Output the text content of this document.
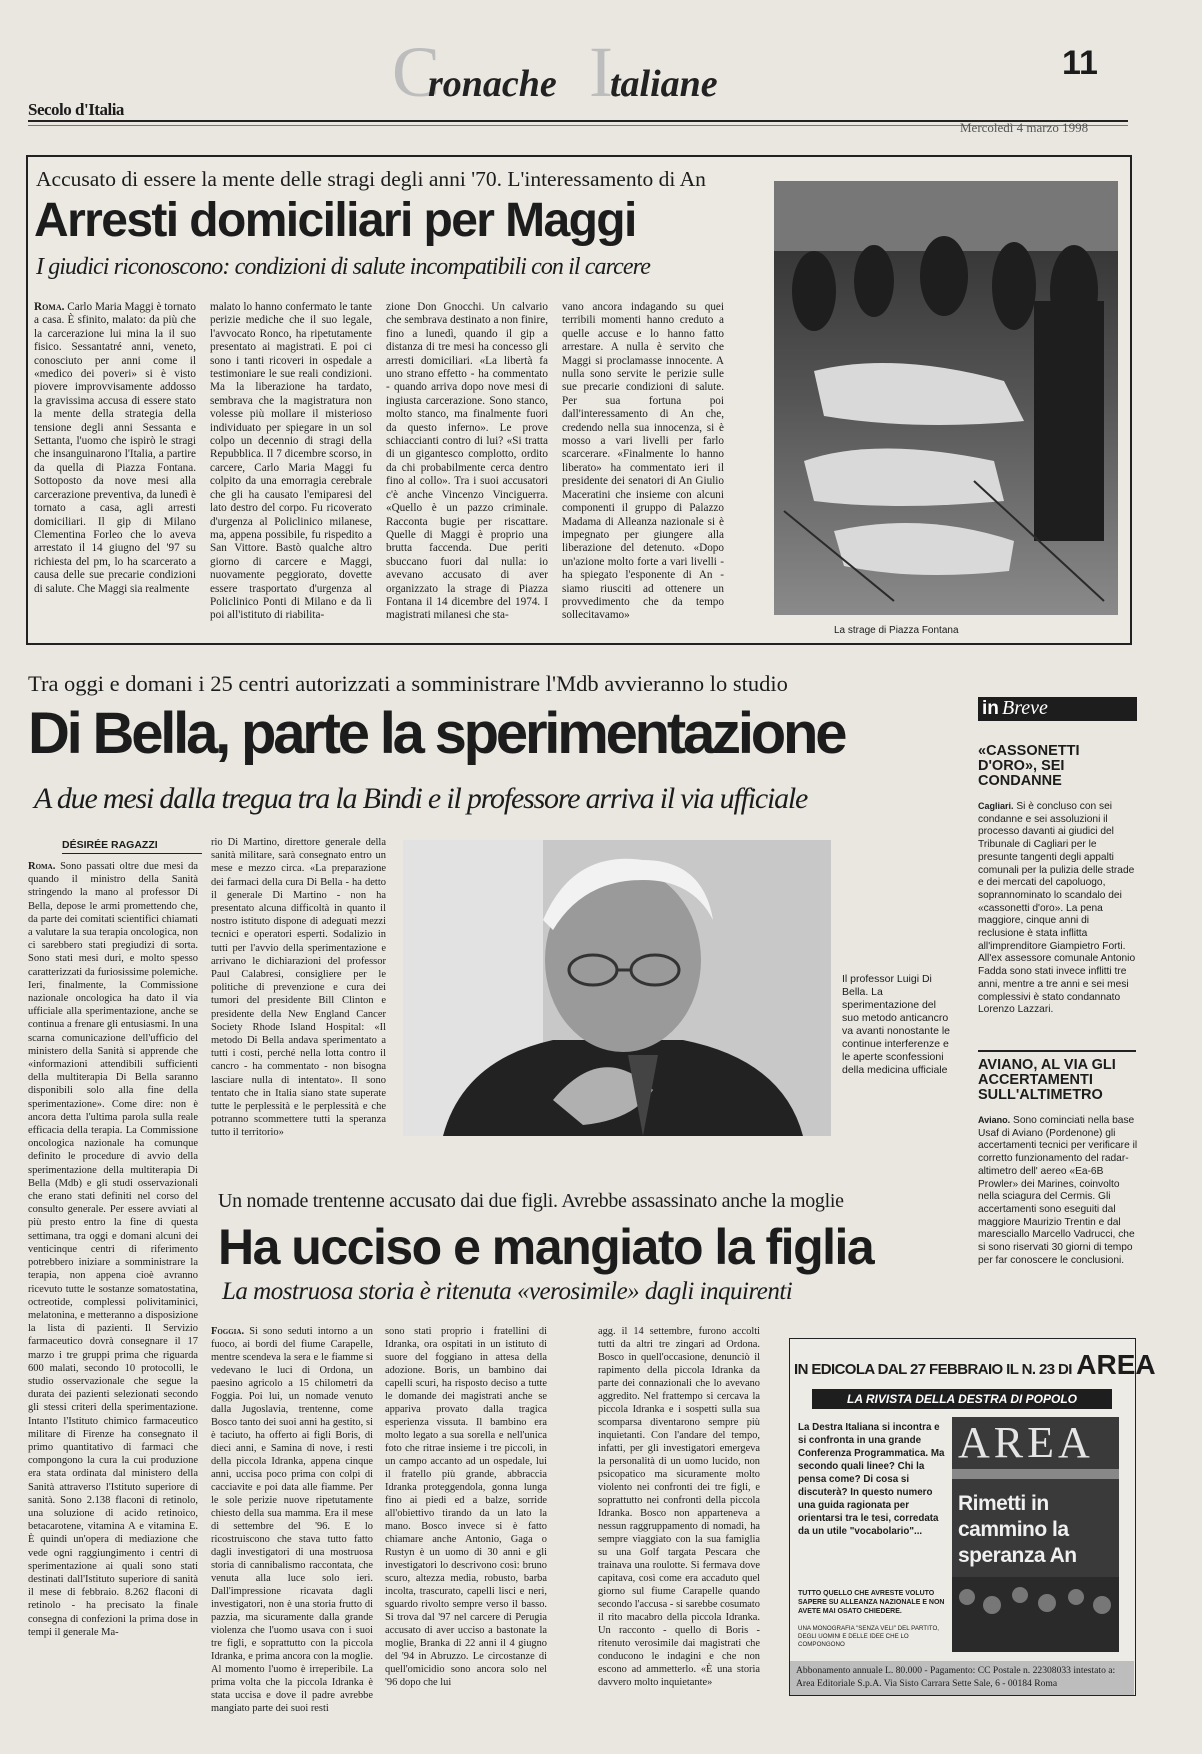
C
ronache I
taliane	11
Secolo d'Italia
Mercoledì 4 marzo 1998
Accusato di essere la mente delle stragi degli anni '70. L'interessamento di An
Arresti domiciliari per Maggi
I giudici riconoscono: condizioni di salute incompatibili con il carcere
Roma. Carlo Maria Maggi è tornato a casa. È sfinito, malato: da più che la carcerazione lui mina la il suo fisico. Sessantatré anni, veneto, conosciuto per anni come il «medico dei poveri» si è visto piovere improvvisamente addosso la gravissima accusa di essere stato la mente della strategia della tensione degli anni Sessanta e Settanta, l'uomo che ispirò le stragi che insanguinarono l'Italia, a partire da quella di Piazza Fontana. Sottoposto da nove mesi alla carcerazione preventiva, da lunedì è tornato a casa, agli arresti domiciliari. Il gip di Milano Clementina Forleo che lo aveva arrestato il 14 giugno del '97 su richiesta del pm, lo ha scarcerato a causa delle sue precarie condizioni di salute. Che Maggi sia realmente
malato lo hanno confermato le tante perizie mediche che il suo legale, l'avvocato Ronco, ha ripetutamente presentato ai magistrati. E poi ci sono i tanti ricoveri in ospedale a testimoniare le sue reali condizioni. Ma la liberazione ha tardato, sembrava che la magistratura non volesse più mollare il misterioso individuato per spiegare in un sol colpo un decennio di stragi della Repubblica. Il 7 dicembre scorso, in carcere, Carlo Maria Maggi fu colpito da una emorragia cerebrale che gli ha causato l'emiparesi del lato destro del corpo. Fu ricoverato d'urgenza al Policlinico milanese, ma, appena possibile, fu rispedito a San Vittore. Bastò qualche altro giorno di carcere e Maggi, nuovamente peggiorato, dovette essere trasportato d'urgenza al Policlinico Ponti di Milano e da lì poi all'istituto di riabilita-
zione Don Gnocchi. Un calvario che sembrava destinato a non finire, fino a lunedì, quando il gip a distanza di tre mesi ha concesso gli arresti domiciliari. «La libertà fa uno strano effetto - ha commentato - quando arriva dopo nove mesi di ingiusta carcerazione. Sono stanco, molto stanco, ma finalmente fuori da questo inferno». Le prove schiaccianti contro di lui? «Si tratta di un gigantesco complotto, ordito da chi probabilmente cerca dentro fino al collo». Tra i suoi accusatori c'è anche Vincenzo Vinciguerra. «Quello è un pazzo criminale. Racconta bugie per riscattare. Quelle di Maggi è proprio una brutta faccenda. Due periti sbuccano fuori dal nulla: io avevano accusato di aver organizzato la strage di Piazza Fontana il 14 dicembre del 1974. I magistrati milanesi che sta-
vano ancora indagando su quei terribili momenti hanno creduto a quelle accuse e lo hanno fatto arrestare. A nulla è servito che Maggi si proclamasse innocente. A nulla sono servite le perizie sulle sue precarie condizioni di salute. Per sua fortuna poi dall'interessamento di An che, credendo nella sua innocenza, si è mosso a vari livelli per farlo scarcerare. «Finalmente lo hanno liberato» ha commentato ieri il presidente dei senatori di An Giulio Maceratini che insieme con alcuni componenti il gruppo di Palazzo Madama di Alleanza nazionale si è impegnato per giungere alla liberazione del detenuto. «Dopo un'azione molto forte a vari livelli - ha spiegato l'esponente di An - siamo riusciti ad ottenere un provvedimento che da tempo sollecitavamo»
La strage di Piazza Fontana
Tra oggi e domani i 25 centri autorizzati a somministrare l'Mdb avvieranno lo studio
Di Bella, parte la sperimentazione
A due mesi dalla tregua tra la Bindi e il professore arriva il via ufficiale
DÉSIRÉE RAGAZZI
Roma. Sono passati oltre due mesi da quando il ministro della Sanità stringendo la mano al professor Di Bella, depose le armi promettendo che, da parte dei comitati scientifici chiamati a valutare la sua terapia oncologica, non ci sarebbero stati pregiudizi di sorta. Sono stati mesi duri, e molto spesso caratterizzati da furiosissime polemiche. Ieri, finalmente, la Commissione nazionale oncologica ha dato il via ufficiale alla sperimentazione, anche se continua a frenare gli entusiasmi. In una scarna comunicazione dell'ufficio del ministero della Sanità si apprende che «informazioni attendibili sufficienti della multiterapia Di Bella saranno disponibili solo alla fine della sperimentazione». Come dire: non è ancora detta l'ultima parola sulla reale efficacia della terapia. La Commissione oncologica nazionale ha comunque definito le procedure di avvio della sperimentazione della multiterapia Di Bella (Mdb) e gli studi osservazionali che erano stati definiti nel corso del consulto generale. Per essere avviati al più presto entro la fine di questa settimana, tra oggi e domani alcuni dei venticinque centri di riferimento potrebbero iniziare a somministrare la terapia, non appena cioè avranno ricevuto tutte le sostanze somatostatina, octreotide, complessi polivitaminici, melatonina, e metteranno a disposizione la lista di pazienti. Il Servizio farmaceutico dovrà consegnare il 17 marzo i tre gruppi prima che riguarda 600 malati, secondo 10 protocolli, le studio osservazionale che segue la durata dei pazienti selezionati secondo gli stessi criteri della sperimentazione. Intanto l'Istituto chimico farmaceutico militare di Firenze ha consegnato il primo quantitativo di farmaci che compongono la cura la cui produzione era stata ordinata dal ministero della Sanità attraverso l'Istituto superiore di sanità. Sono 2.138 flaconi di retinolo, una soluzione di acido retinoico, betacarotene, vitamina A e vitamina E. È quindi un'opera di mediazione che vede ogni raggiungimento i centri di sperimentazione ai quali sono stati destinati dall'Istituto superiore di sanità il mese di febbraio. 8.262 flaconi di retinolo - ha precisato la finale consegna di confezioni la prima dose in tempi il generale Ma-
rio Di Martino, direttore generale della sanità militare, sarà consegnato entro un mese e mezzo circa. «La preparazione dei farmaci della cura Di Bella - ha detto il generale Di Martino - non ha presentato alcuna difficoltà in quanto il nostro istituto dispone di adeguati mezzi tecnici e operatori esperti. Sodalizio in tutti per l'avvio della sperimentazione e arrivano le dichiarazioni del professor Paul Calabresi, consigliere per le politiche di prevenzione e cura dei tumori del presidente Bill Clinton e presidente della New England Cancer Society Rhode Island Hospital: «Il metodo Di Bella andava sperimentato a tutti i costi, perché nella lotta contro il cancro - ha commentato - non bisogna lasciare nulla di intentato». Il sono tentato che in Italia siano state superate tutte le perplessità e le perplessità e che potranno scommettere tutti la speranza tutto il territorio»
Il professor Luigi Di Bella. La sperimentazione del suo metodo anticancro va avanti nonostante le continue interferenze e le aperte sconfessioni della medicina ufficiale
Un nomade trentenne accusato dai due figli. Avrebbe assassinato anche la moglie
Ha ucciso e mangiato la figlia
La mostruosa storia è ritenuta «verosimile» dagli inquirenti
Foggia. Si sono seduti intorno a un fuoco, ai bordi del fiume Carapelle, mentre scendeva la sera e le fiamme si vedevano le luci di Ordona, un paesino agricolo a 15 chilometri da Foggia. Poi lui, un nomade venuto dalla Jugoslavia, trentenne, come Bosco tanto dei suoi anni ha gestito, si è taciuto, ha offerto ai figli Boris, di dieci anni, e Samina di nove, i resti della piccola Idranka, appena cinque anni, uccisa poco prima con colpi di cacciavite e poi data alle fiamme. Per le sole perizie nuove ripetutamente chiesto della sua mamma. Era il mese di settembre del '96. E lo ricostruiscono che stava tutto fatto dagli investigatori di una mostruosa storia di cannibalismo raccontata, che venuta alla luce solo ieri. Dall'impressione ricavata dagli investigatori, non è una storia frutto di pazzia, ma sicuramente dalla grande violenza che l'uomo usava con i suoi tre figli, e soprattutto con la piccola Idranka, e prima ancora con la moglie. Al momento l'uomo è irreperibile. La prima volta che la piccola Idranka è stata uccisa e dove il padre avrebbe mangiato parte dei suoi resti
sono stati proprio i fratellini di Idranka, ora ospitati in un istituto di suore del foggiano in attesa della adozione. Boris, un bambino dai capelli scuri, ha risposto deciso a tutte le domande dei magistrati anche se appariva provato dalla tragica esperienza vissuta. Il bambino era molto legato a sua sorella e nell'unica foto che ritrae insieme i tre piccoli, in un campo accanto ad un ospedale, lui il fratello più grande, abbraccia Idranka proteggendola, gonna lunga fino ai piedi ed a balze, sorride all'obiettivo tirando da un lato la mano. Bosco invece si è fatto chiamare anche Antonio, Gaga o Rustyn è un uomo di 30 anni e gli investigatori lo descrivono così: bruno scuro, altezza media, robusto, barba incolta, trascurato, capelli lisci e neri, sguardo rivolto sempre verso il basso. Si trova dal '97 nel carcere di Perugia accusato di aver ucciso a bastonate la moglie, Branka di 22 anni il 4 giugno del '94 in Abruzzo. Le circostanze di quell'omicidio sono ancora solo nel '96 dopo che lui
agg. il 14 settembre, furono accolti tutti da altri tre zingari ad Ordona. Bosco in quell'occasione, denunciò il rapimento della piccola Idranka da parte dei connazionali che lo avevano aggredito. Nel frattempo si cercava la piccola Idranka e i sospetti sulla sua scomparsa diventarono sempre più inquietanti. Con l'andare del tempo, infatti, per gli investigatori emergeva la personalità di un uomo lucido, non psicopatico ma sicuramente molto violento nei confronti dei tre figli, e soprattutto nei confronti della piccola Idranka. Bosco non apparteneva a nessun raggruppamento di nomadi, ha sempre viaggiato con la sua famiglia su una Golf targata Pescara che trainava una roulotte. Si fermava dove capitava, così come era accaduto quel giorno sul fiume Carapelle quando secondo l'accusa - si sarebbe cosumato il rito macabro della piccola Idranka. Un racconto - quello di Boris - ritenuto verosimile dai magistrati che conducono le indagini e che non escono ad ammetterlo. «È una storia davvero molto inquietante»
in Breve
«CASSONETTI D'ORO», SEI CONDANNE
Cagliari. Si è concluso con sei condanne e sei assoluzioni il processo davanti ai giudici del Tribunale di Cagliari per le presunte tangenti degli appalti comunali per la pulizia delle strade e dei mercati del capoluogo, soprannominato lo scandalo dei «cassonetti d'oro». La pena maggiore, cinque anni di reclusione è stata inflitta all'imprenditore Giampietro Forti. All'ex assessore comunale Antonio Fadda sono stati invece inflitti tre anni, mentre a tre anni e sei mesi complessivi è stato condannato Lorenzo Lazzari.
AVIANO, AL VIA GLI ACCERTAMENTI SULL'ALTIMETRO
Aviano. Sono cominciati nella base Usaf di Aviano (Pordenone) gli accertamenti tecnici per verificare il corretto funzionamento del radar-altimetro dell' aereo «Ea-6B Prowler» dei Marines, coinvolto nella sciagura del Cermis. Gli accertamenti sono eseguiti dal maggiore Maurizio Trentin e dal maresciallo Marcello Vadrucci, che si sono riservati 30 giorni di tempo per far conoscere le conclusioni.
IN EDICOLA DAL 27 FEBBRAIO IL N. 23 DI AREA
LA RIVISTA DELLA DESTRA DI POPOLO
La Destra Italiana si incontra e si confronta in una grande Conferenza Programmatica. Ma secondo quali linee? Chi la pensa come? Di cosa si discuterà? In questo numero una guida ragionata per orientarsi tra le tesi, corredata da un utile "vocabolario"...
TUTTO QUELLO CHE AVRESTE VOLUTO SAPERE SU ALLEANZA NAZIONALE E NON AVETE MAI OSATO CHIEDERE.
UNA MONOGRAFIA "SENZA VELI" DEL PARTITO, DEGLI UOMINI E DELLE IDEE CHE LO COMPONGONO
AREA
Rimetti in cammino la speranza An
Abbonamento annuale L. 80.000 - Pagamento: CC Postale n. 22308033 intestato a: Area Editoriale S.p.A. Via Sisto Carrara Sette Sale, 6 - 00184 Roma
